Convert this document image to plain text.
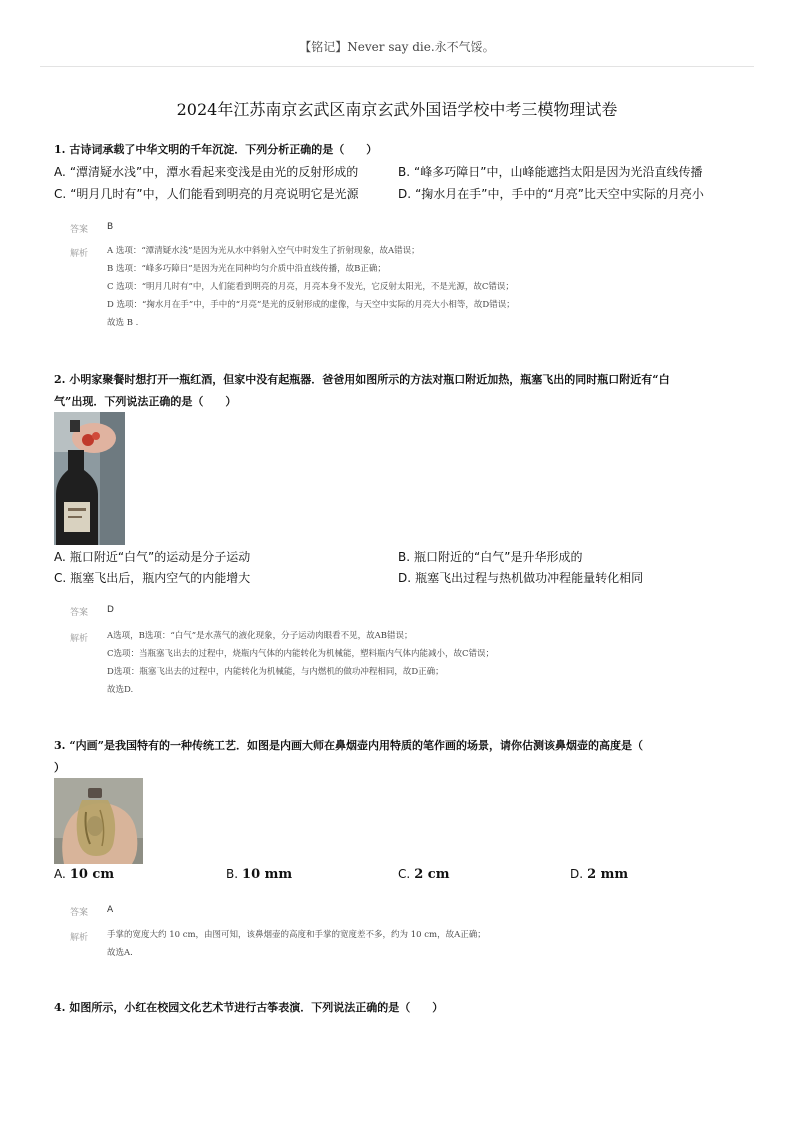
【铭记】Never say die.永不气馁。
2024年江苏南京玄武区南京玄武外国语学校中考三模物理试卷
1. 古诗词承载了中华文明的千年沉淀．下列分析正确的是（　　）
A. “潭清疑水浅”中，潭水看起来变浅是由光的反射形成的	B. “峰多巧障日”中，山峰能遮挡太阳是因为光沿直线传播
C. “明月几时有”中，人们能看到明亮的月亮说明它是光源	D. “掬水月在手”中，手中的“月亮”比天空中实际的月亮小
答案 B
解析 A 选项：“潭清疑水浅”是因为光从水中斜射入空气中时发生了折射现象，故A错误；
B 选项：“峰多巧障日”是因为光在同种均匀介质中沿直线传播，故B正确；
C 选项：“明月几时有”中，人们能看到明亮的月亮，月亮本身不发光，它反射太阳光，不是光源，故C错误；
D 选项：“掬水月在手”中，手中的“月亮”是光的反射形成的虚像，与天空中实际的月亮大小相等，故D错误；
故选 B .
2. 小明家聚餐时想打开一瓶红酒，但家中没有起瓶器．爸爸用如图所示的方法对瓶口附近加热，瓶塞飞出的同时瓶口附近有“白
气”出现．下列说法正确的是（　　）
A. 瓶口附近“白气”的运动是分子运动	B. 瓶口附近的“白气”是升华形成的
C. 瓶塞飞出后，瓶内空气的内能增大	D. 瓶塞飞出过程与热机做功冲程能量转化相同
答案 D
解析 A选项，B选项：“白气”是水蒸气的液化现象，分子运动肉眼看不见，故AB错误；
C选项：当瓶塞飞出去的过程中，烧瓶内气体的内能转化为机械能，塑料瓶内气体内能减小，故C错误；
D选项：瓶塞飞出去的过程中，内能转化为机械能，与内燃机的做功冲程相同，故D正确；
故选D.
3. “内画”是我国特有的一种传统工艺．如图是内画大师在鼻烟壶内用特质的笔作画的场景，请你估测该鼻烟壶的高度是（
）
A. 10 cm	B. 10 mm	C. 2 cm	D. 2 mm
答案 A
解析 手掌的宽度大约 10 cm，由图可知，该鼻烟壶的高度和手掌的宽度差不多，约为 10 cm，故A正确；
故选A.
4. 如图所示，小红在校园文化艺术节进行古筝表演．下列说法正确的是（　　）
